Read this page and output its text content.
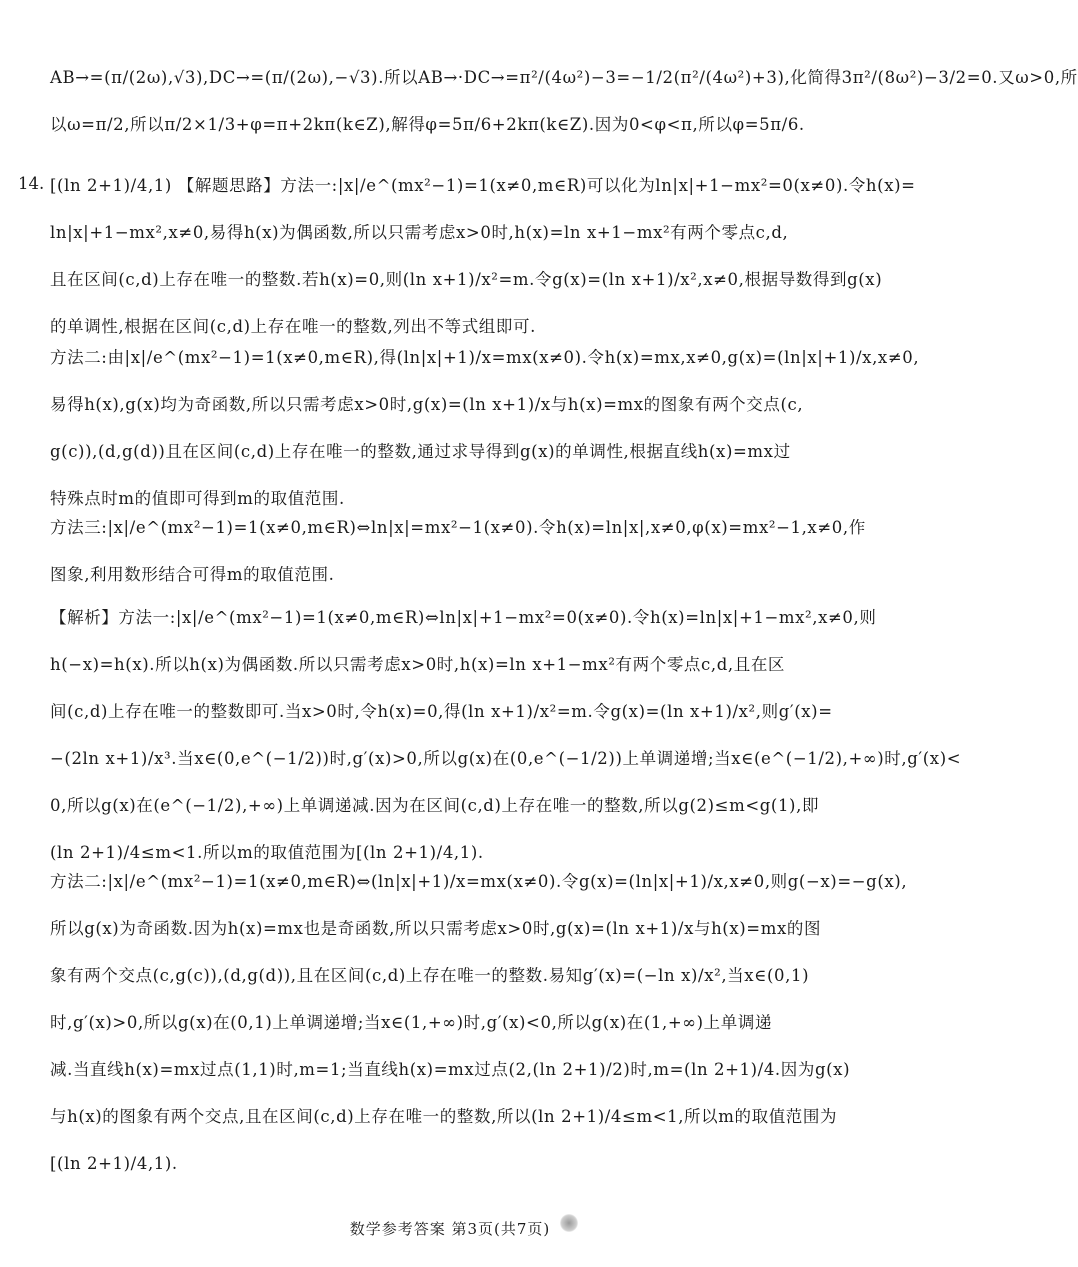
AB→=(π/(2ω),√3),DC→=(π/(2ω),−√3).所以AB→·DC→=π²/(4ω²)−3=−1/2(π²/(4ω²)+3),化简得3π²/(8ω²)−3/2=0.又ω>0,所
以ω=π/2,所以π/2×1/3+φ=π+2kπ(k∈Z),解得φ=5π/6+2kπ(k∈Z).因为0<φ<π,所以φ=5π/6.
14. [(ln 2+1)/4,1) 【解题思路】方法一:|x|/e^(mx²−1)=1(x≠0,m∈R)可以化为ln|x|+1−mx²=0(x≠0).令h(x)=
ln|x|+1−mx²,x≠0,易得h(x)为偶函数,所以只需考虑x>0时,h(x)=ln x+1−mx²有两个零点c,d,
且在区间(c,d)上存在唯一的整数.若h(x)=0,则(ln x+1)/x²=m.令g(x)=(ln x+1)/x²,x≠0,根据导数得到g(x)
的单调性,根据在区间(c,d)上存在唯一的整数,列出不等式组即可.
方法二:由|x|/e^(mx²−1)=1(x≠0,m∈R),得(ln|x|+1)/x=mx(x≠0).令h(x)=mx,x≠0,g(x)=(ln|x|+1)/x,x≠0,
易得h(x),g(x)均为奇函数,所以只需考虑x>0时,g(x)=(ln x+1)/x与h(x)=mx的图象有两个交点(c,
g(c)),(d,g(d))且在区间(c,d)上存在唯一的整数,通过求导得到g(x)的单调性,根据直线h(x)=mx过
特殊点时m的值即可得到m的取值范围.
方法三:|x|/e^(mx²−1)=1(x≠0,m∈R)⇔ln|x|=mx²−1(x≠0).令h(x)=ln|x|,x≠0,φ(x)=mx²−1,x≠0,作
图象,利用数形结合可得m的取值范围.
【解析】方法一:|x|/e^(mx²−1)=1(x≠0,m∈R)⇔ln|x|+1−mx²=0(x≠0).令h(x)=ln|x|+1−mx²,x≠0,则
h(−x)=h(x).所以h(x)为偶函数.所以只需考虑x>0时,h(x)=ln x+1−mx²有两个零点c,d,且在区
间(c,d)上存在唯一的整数即可.当x>0时,令h(x)=0,得(ln x+1)/x²=m.令g(x)=(ln x+1)/x²,则g′(x)=
−(2ln x+1)/x³.当x∈(0,e^(−1/2))时,g′(x)>0,所以g(x)在(0,e^(−1/2))上单调递增;当x∈(e^(−1/2),+∞)时,g′(x)<
0,所以g(x)在(e^(−1/2),+∞)上单调递减.因为在区间(c,d)上存在唯一的整数,所以g(2)≤m<g(1),即
(ln 2+1)/4≤m<1.所以m的取值范围为[(ln 2+1)/4,1).
方法二:|x|/e^(mx²−1)=1(x≠0,m∈R)⇔(ln|x|+1)/x=mx(x≠0).令g(x)=(ln|x|+1)/x,x≠0,则g(−x)=−g(x),
所以g(x)为奇函数.因为h(x)=mx也是奇函数,所以只需考虑x>0时,g(x)=(ln x+1)/x与h(x)=mx的图
象有两个交点(c,g(c)),(d,g(d)),且在区间(c,d)上存在唯一的整数.易知g′(x)=(−ln x)/x²,当x∈(0,1)
时,g′(x)>0,所以g(x)在(0,1)上单调递增;当x∈(1,+∞)时,g′(x)<0,所以g(x)在(1,+∞)上单调递
减.当直线h(x)=mx过点(1,1)时,m=1;当直线h(x)=mx过点(2,(ln 2+1)/2)时,m=(ln 2+1)/4.因为g(x)
与h(x)的图象有两个交点,且在区间(c,d)上存在唯一的整数,所以(ln 2+1)/4≤m<1,所以m的取值范围为
[(ln 2+1)/4,1).
数学参考答案 第3页(共7页)
